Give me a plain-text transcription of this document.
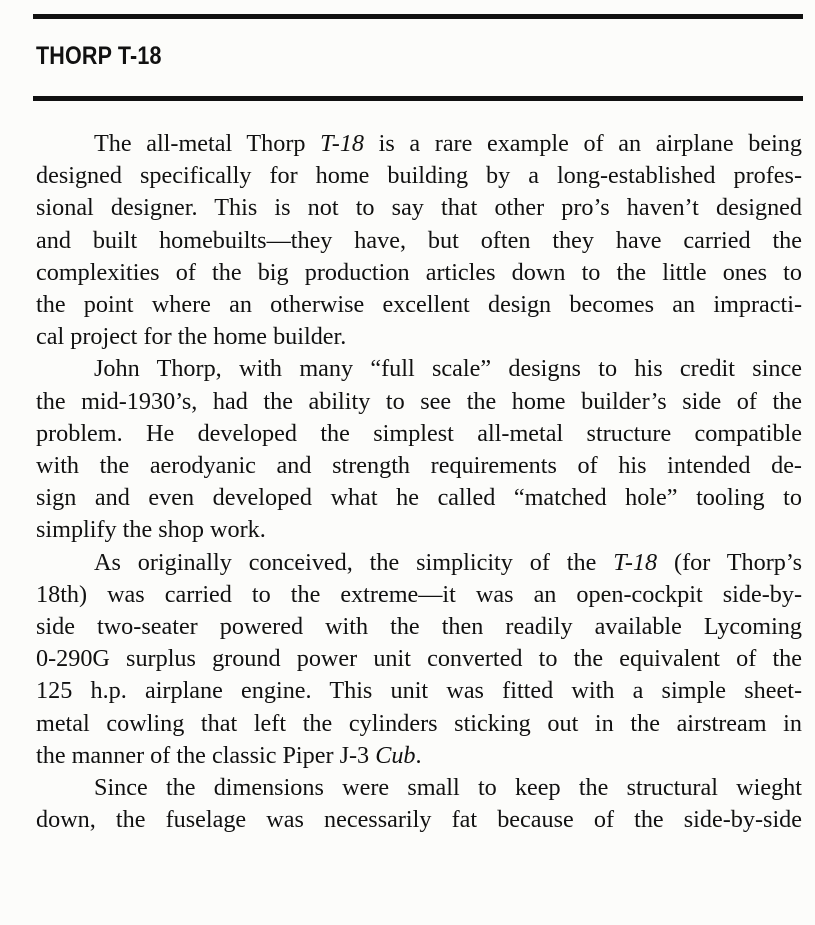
THORP T-18
The all-metal Thorp T-18 is a rare example of an airplane being
designed specifically for home building by a long-established profes-
sional designer. This is not to say that other pro’s haven’t designed
and built homebuilts—they have, but often they have carried the
complexities of the big production articles down to the little ones to
the point where an otherwise excellent design becomes an impracti-
cal project for the home builder.
John Thorp, with many “full scale” designs to his credit since
the mid-1930’s, had the ability to see the home builder’s side of the
problem. He developed the simplest all-metal structure compatible
with the aerodyanic and strength requirements of his intended de-
sign and even developed what he called “matched hole” tooling to
simplify the shop work.
As originally conceived, the simplicity of the T-18 (for Thorp’s
18th) was carried to the extreme—it was an open-cockpit side-by-
side two-seater powered with the then readily available Lycoming
0-290G surplus ground power unit converted to the equivalent of the
125 h.p. airplane engine. This unit was fitted with a simple sheet-
metal cowling that left the cylinders sticking out in the airstream in
the manner of the classic Piper J-3 Cub.
Since the dimensions were small to keep the structural wieght
down, the fuselage was necessarily fat because of the side-by-side
